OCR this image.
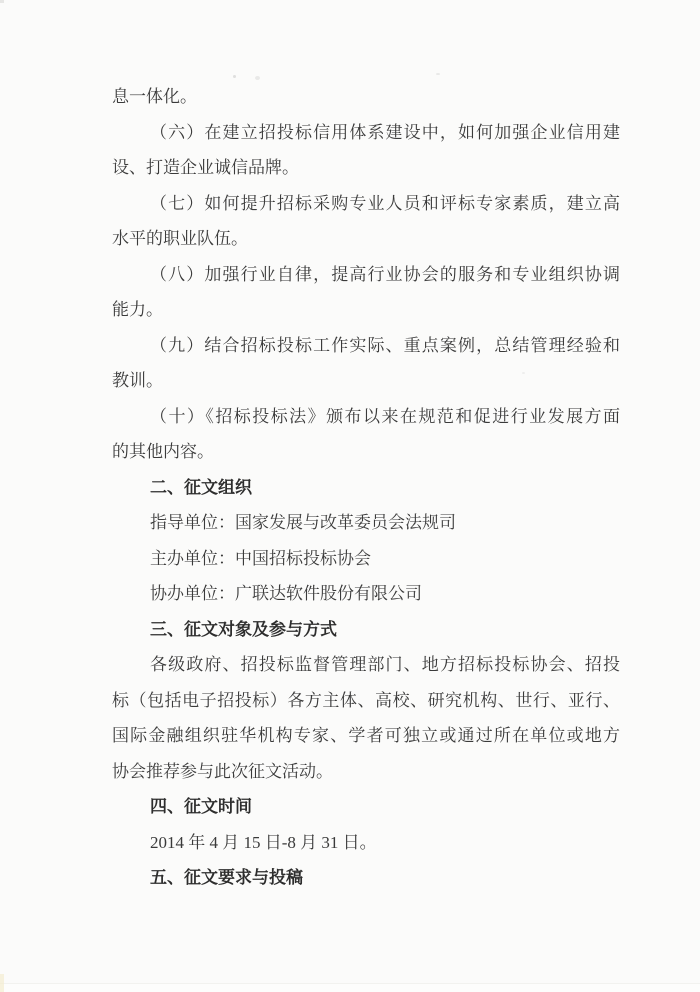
息一体化。
（六）在建立招投标信用体系建设中，如何加强企业信用建
设、打造企业诚信品牌。
（七）如何提升招标采购专业人员和评标专家素质，建立高
水平的职业队伍。
（八）加强行业自律，提高行业协会的服务和专业组织协调
能力。
（九）结合招标投标工作实际、重点案例，总结管理经验和
教训。
（十）《招标投标法》颁布以来在规范和促进行业发展方面
的其他内容。
二、征文组织
指导单位：国家发展与改革委员会法规司
主办单位：中国招标投标协会
协办单位：广联达软件股份有限公司
三、征文对象及参与方式
各级政府、招投标监督管理部门、地方招标投标协会、招投
标（包括电子招投标）各方主体、高校、研究机构、世行、亚行、
国际金融组织驻华机构专家、学者可独立或通过所在单位或地方
协会推荐参与此次征文活动。
四、征文时间
2014 年 4 月 15 日-8 月 31 日。
五、征文要求与投稿
